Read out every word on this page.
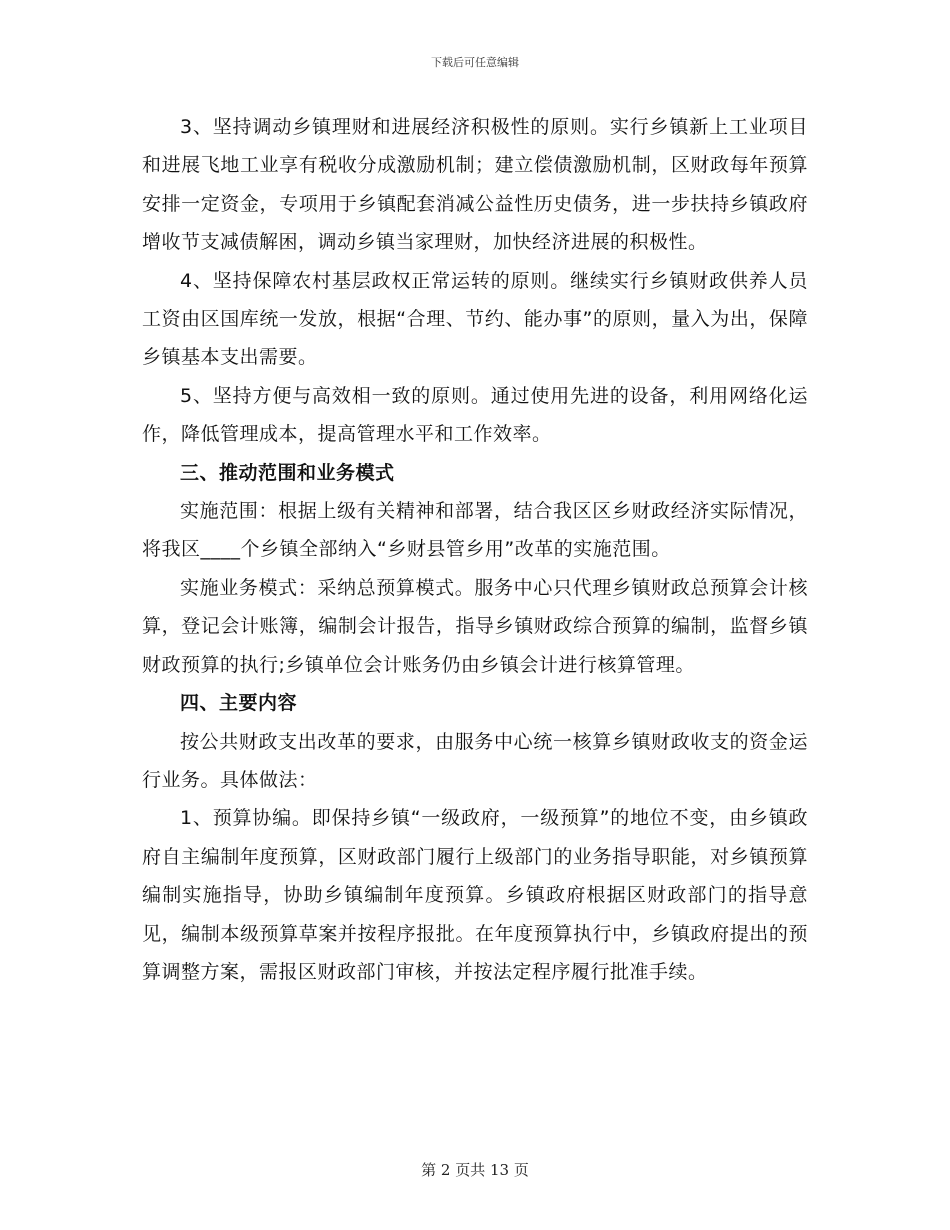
下载后可任意编辑

3、坚持调动乡镇理财和进展经济积极性的原则。实行乡镇新上工业项目和进展飞地工业享有税收分成激励机制；建立偿债激励机制，区财政每年预算安排一定资金，专项用于乡镇配套消减公益性历史债务，进一步扶持乡镇政府增收节支减债解困，调动乡镇当家理财，加快经济进展的积极性。

4、坚持保障农村基层政权正常运转的原则。继续实行乡镇财政供养人员工资由区国库统一发放，根据“合理、节约、能办事”的原则，量入为出，保障乡镇基本支出需要。

5、坚持方便与高效相一致的原则。通过使用先进的设备，利用网络化运作，降低管理成本，提高管理水平和工作效率。

三、推动范围和业务模式

实施范围：根据上级有关精神和部署，结合我区区乡财政经济实际情况，将我区____个乡镇全部纳入“乡财县管乡用”改革的实施范围。

实施业务模式：采纳总预算模式。服务中心只代理乡镇财政总预算会计核算，登记会计账簿，编制会计报告，指导乡镇财政综合预算的编制，监督乡镇财政预算的执行;乡镇单位会计账务仍由乡镇会计进行核算管理。

四、主要内容

按公共财政支出改革的要求，由服务中心统一核算乡镇财政收支的资金运行业务。具体做法：

1、预算协编。即保持乡镇“一级政府，一级预算”的地位不变，由乡镇政府自主编制年度预算，区财政部门履行上级部门的业务指导职能，对乡镇预算编制实施指导，协助乡镇编制年度预算。乡镇政府根据区财政部门的指导意见，编制本级预算草案并按程序报批。在年度预算执行中，乡镇政府提出的预算调整方案，需报区财政部门审核，并按法定程序履行批准手续。

第 2 页共 13 页
